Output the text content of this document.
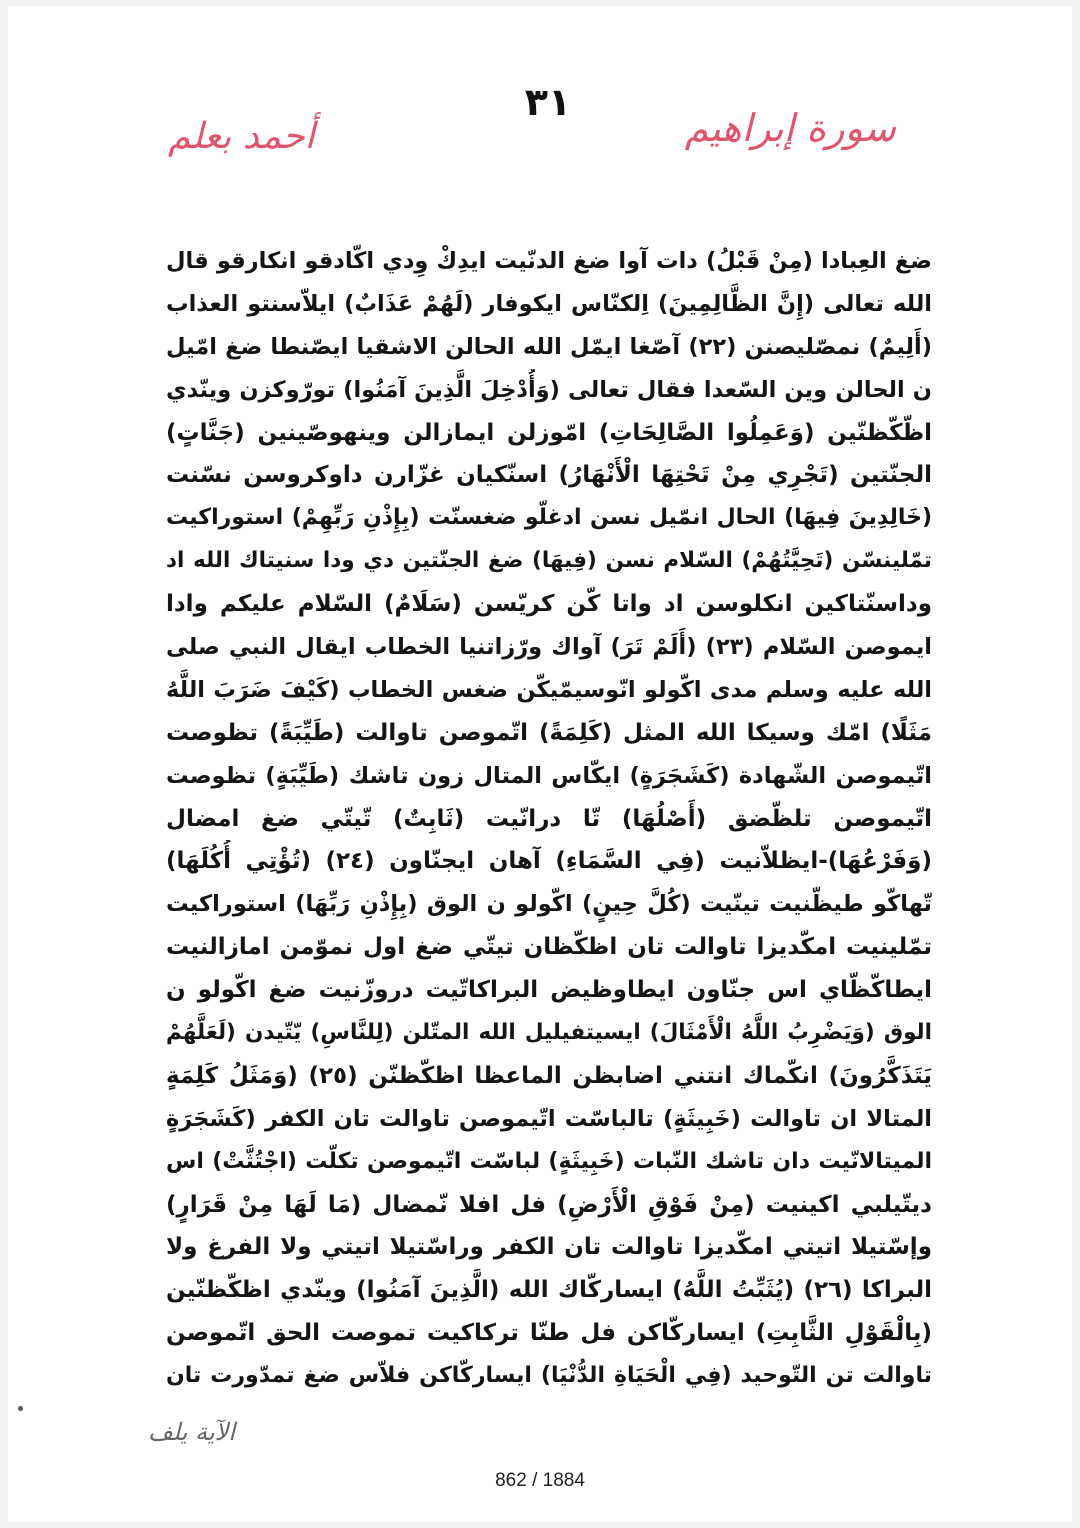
٣١
سورة إبراهيم
أحمد بعلم
ضغ العِبادا (مِنْ قَبْلُ) دات آوا ضغ الدنّيت ايدِكْ وِدي اكّادقو انكارقو قال
الله تعالى (إِنَّ الظَّالِمِينَ) اِلكنّاس ايكوفار (لَهُمْ عَذَابٌ) ايلاّسنتو العذاب
(أَلِيمٌ) نمصّليصنن (٢٢) آصّغا ايمّل الله الحالن الاشقيا ايصّنطا ضغ امّيل
ن الحالن وين السّعدا فقال تعالى (وَأُدْخِلَ الَّذِينَ آمَنُوا) تورّوكزن وينّدي
اظّكّظنّين (وَعَمِلُوا الصَّالِحَاتِ) امّوزلن ايمازالن وينهوصّينين (جَنَّاتٍ)
الجنّتين (تَجْرِي مِنْ تَحْتِهَا الْأَنْهَارُ) اسنّكيان غزّارن داوكروسن نسّنت
(خَالِدِينَ فِيهَا) الحال انمّيل نسن ادغلّو ضغسنّت (بِإِذْنِ رَبِّهِمْ) استوراكيت
تمّلينسّن (تَحِيَّتُهُمْ) السّلام نسن (فِيهَا) ضغ الجنّتين دي ودا سنيتاك الله اد
وداسنّتاكين انكلوسن اد واتا كّن كريّسن (سَلَامٌ) السّلام عليكم وادا
ايموصن السّلام (٢٣) (أَلَمْ تَرَ) آواك ورّزاتنيا الخطاب ايقال النبي صلى
الله عليه وسلم مدى اكّولو انّوسيمّيكّن ضغس الخطاب (كَيْفَ ضَرَبَ اللَّهُ
مَثَلًا) امّك وسيكا الله المثل (كَلِمَةً) اتّموصن تاوالت (طَيِّبَةً) تظوصت
اتّيموصن الشّهادة (كَشَجَرَةٍ) ايكّاس المتال زون تاشك (طَيِّبَةٍ) تظوصت
اتّيموصن تلظّضق (أَصْلُهَا) تّا درانّيت (ثَابِتٌ) تّيتّي ضغ امضال
(وَفَرْعُهَا)-ايظلاّنيت (فِي السَّمَاءِ) آهان ايجنّاون (٢٤) (تُؤْتِي أُكُلَهَا)
تّهاكّو طيظّنيت تينّيت (كُلَّ حِينٍ) اكّولو ن الوق (بِإِذْنِ رَبِّهَا) استوراكيت
تمّلينيت امكّديزا تاوالت تان اظكّظان تيتّي ضغ اول نموّمن امازالنيت
ايطاكّظّاي اس جنّاون ايطاوظيض البراكاتّيت دروزّنيت ضغ اكّولو ن
الوق (وَيَضْرِبُ اللَّهُ الْأَمْثَالَ) ايسيتفيليل الله المتّلن (لِلنَّاسِ) يّتّيدن (لَعَلَّهُمْ
يَتَذَكَّرُونَ) انكّماك انتني اضابظن الماعظا اظكّظنّن (٢٥) (وَمَثَلُ كَلِمَةٍ
المتالا ان تاوالت (خَبِيثَةٍ) تالباسّت اتّيموصن تاوالت تان الكفر (كَشَجَرَةٍ
الميتالانّيت دان تاشك النّبات (خَبِيثَةٍ) لباسّت اتّيموصن تكلّت (اجْتُثَّتْ) اس
ديتّيلبي اكينيت (مِنْ فَوْقِ الْأَرْضِ) فل افلا نّمضال (مَا لَهَا مِنْ قَرَارٍ)
وإسّتيلا اتيتي امكّديزا تاوالت تان الكفر وراسّتيلا اتيتي ولا الفرغ ولا
البراكا (٢٦) (يُثَبِّتُ اللَّهُ) ايساركّاك الله (الَّذِينَ آمَنُوا) وينّدي اظكّظنّين
(بِالْقَوْلِ الثَّابِتِ) ايساركّاكن فل طنّا تركاكيت تموصت الحق اتّموصن
تاوالت تن التّوحيد (فِي الْحَيَاةِ الدُّنْيَا) ايساركّاكن فلاّس ضغ تمدّورت تان
الآية يلف
862 / 1884
